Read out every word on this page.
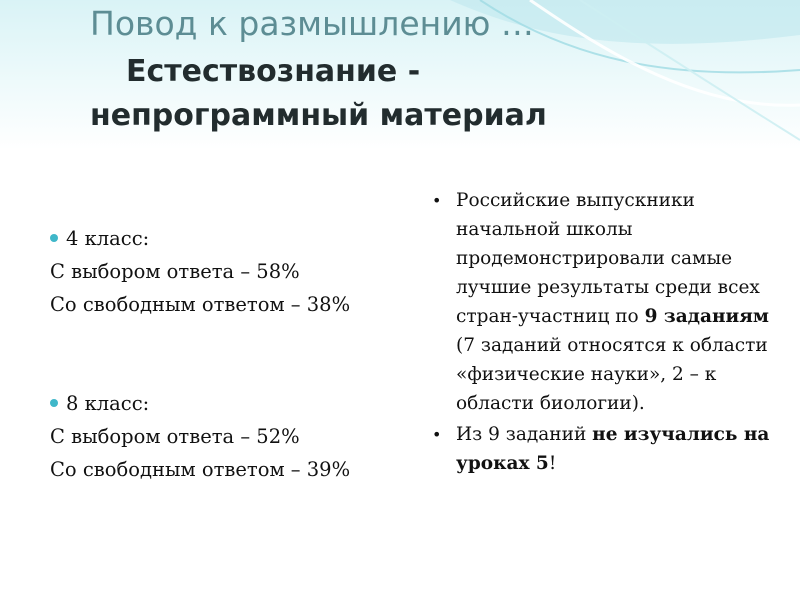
Повод к размышлению …
Естествознание -
непрограммный материал
4 класс:
С выбором ответа – 58%
Со свободным ответом – 38%
8 класс:
С выбором ответа – 52%
Со свободным ответом – 39%
• Российские выпускники начальной школы продемонстрировали самые лучшие результаты среди всех стран-участниц по 9 заданиям (7 заданий относятся к области «физические науки», 2 – к области биологии).
• Из 9 заданий не изучались на уроках 5!
